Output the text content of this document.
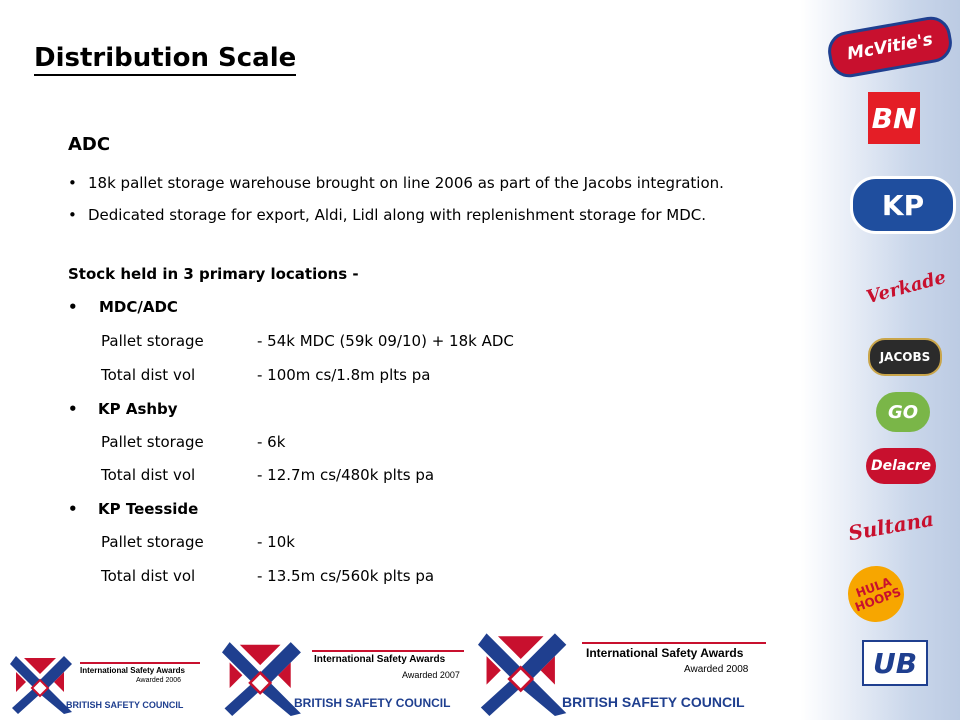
Distribution Scale
ADC
• 18k pallet storage warehouse brought on line 2006 as part of the Jacobs integration.
• Dedicated storage for export, Aldi, Lidl along with replenishment storage for MDC.
Stock held in 3 primary locations -
• MDC/ADC
Pallet storage	- 54k MDC (59k 09/10) + 18k ADC
Total dist vol	- 100m cs/1.8m plts pa
• KP Ashby
Pallet storage	- 6k
Total dist vol	- 12.7m cs/480k plts pa
• KP Teesside
Pallet storage	- 10k
Total dist vol	- 13.5m cs/560k plts pa
McVitie's
BN
KP
Verkade
JACOBS
GO
Delacre
Sultana
HULA HOOPS
UB
International Safety Awards
Awarded 2006
BRITISH SAFETY COUNCIL
International Safety Awards
Awarded 2007
BRITISH SAFETY COUNCIL
International Safety Awards
Awarded 2008
BRITISH SAFETY COUNCIL
